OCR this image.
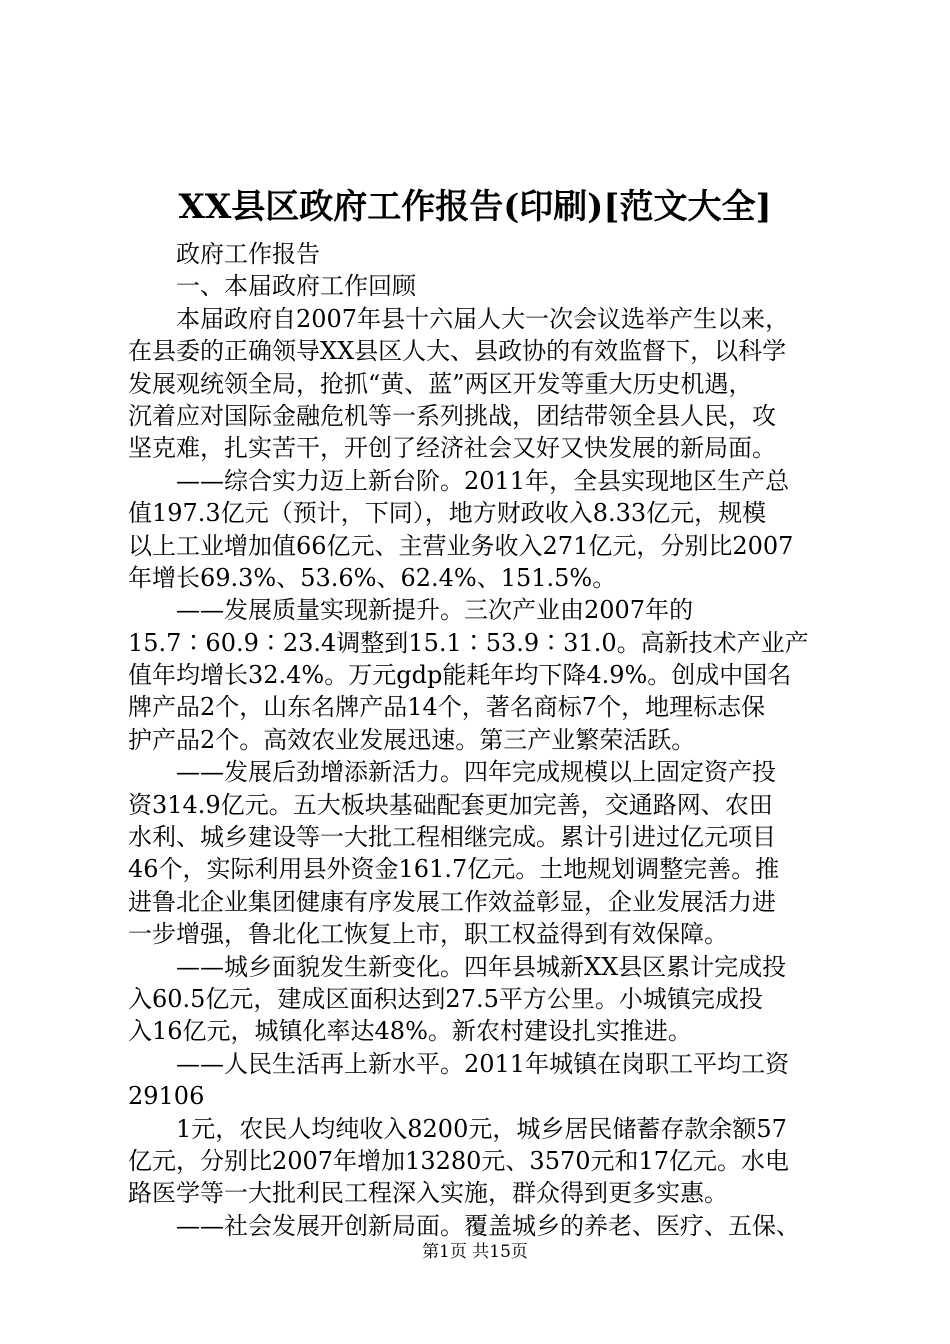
XX县区政府工作报告(印刷)[范文大全]
　　政府工作报告
　　一、本届政府工作回顾
　　本届政府自2007年县十六届人大一次会议选举产生以来，
在县委的正确领导XX县区人大、县政协的有效监督下，以科学
发展观统领全局，抢抓“黄、蓝”两区开发等重大历史机遇，
沉着应对国际金融危机等一系列挑战，团结带领全县人民，攻
坚克难，扎实苦干，开创了经济社会又好又快发展的新局面。
　　——综合实力迈上新台阶。2011年，全县实现地区生产总
值197.3亿元（预计，下同），地方财政收入8.33亿元，规模
以上工业增加值66亿元、主营业务收入271亿元，分别比2007
年增长69.3%、53.6%、62.4%、151.5%。
　　——发展质量实现新提升。三次产业由2007年的
15.7∶60.9∶23.4调整到15.1∶53.9∶31.0。高新技术产业产
值年均增长32.4%。万元gdp能耗年均下降4.9%。创成中国名
牌产品2个，山东名牌产品14个，著名商标7个，地理标志保
护产品2个。高效农业发展迅速。第三产业繁荣活跃。
　　——发展后劲增添新活力。四年完成规模以上固定资产投
资314.9亿元。五大板块基础配套更加完善，交通路网、农田
水利、城乡建设等一大批工程相继完成。累计引进过亿元项目
46个，实际利用县外资金161.7亿元。土地规划调整完善。推
进鲁北企业集团健康有序发展工作效益彰显，企业发展活力进
一步增强，鲁北化工恢复上市，职工权益得到有效保障。
　　——城乡面貌发生新变化。四年县城新XX县区累计完成投
入60.5亿元，建成区面积达到27.5平方公里。小城镇完成投
入16亿元，城镇化率达48%。新农村建设扎实推进。
　　——人民生活再上新水平。2011年城镇在岗职工平均工资
29106
　　1元，农民人均纯收入8200元，城乡居民储蓄存款余额57
亿元，分别比2007年增加13280元、3570元和17亿元。水电
路医学等一大批利民工程深入实施，群众得到更多实惠。
　　——社会发展开创新局面。覆盖城乡的养老、医疗、五保、
第1页 共15页
